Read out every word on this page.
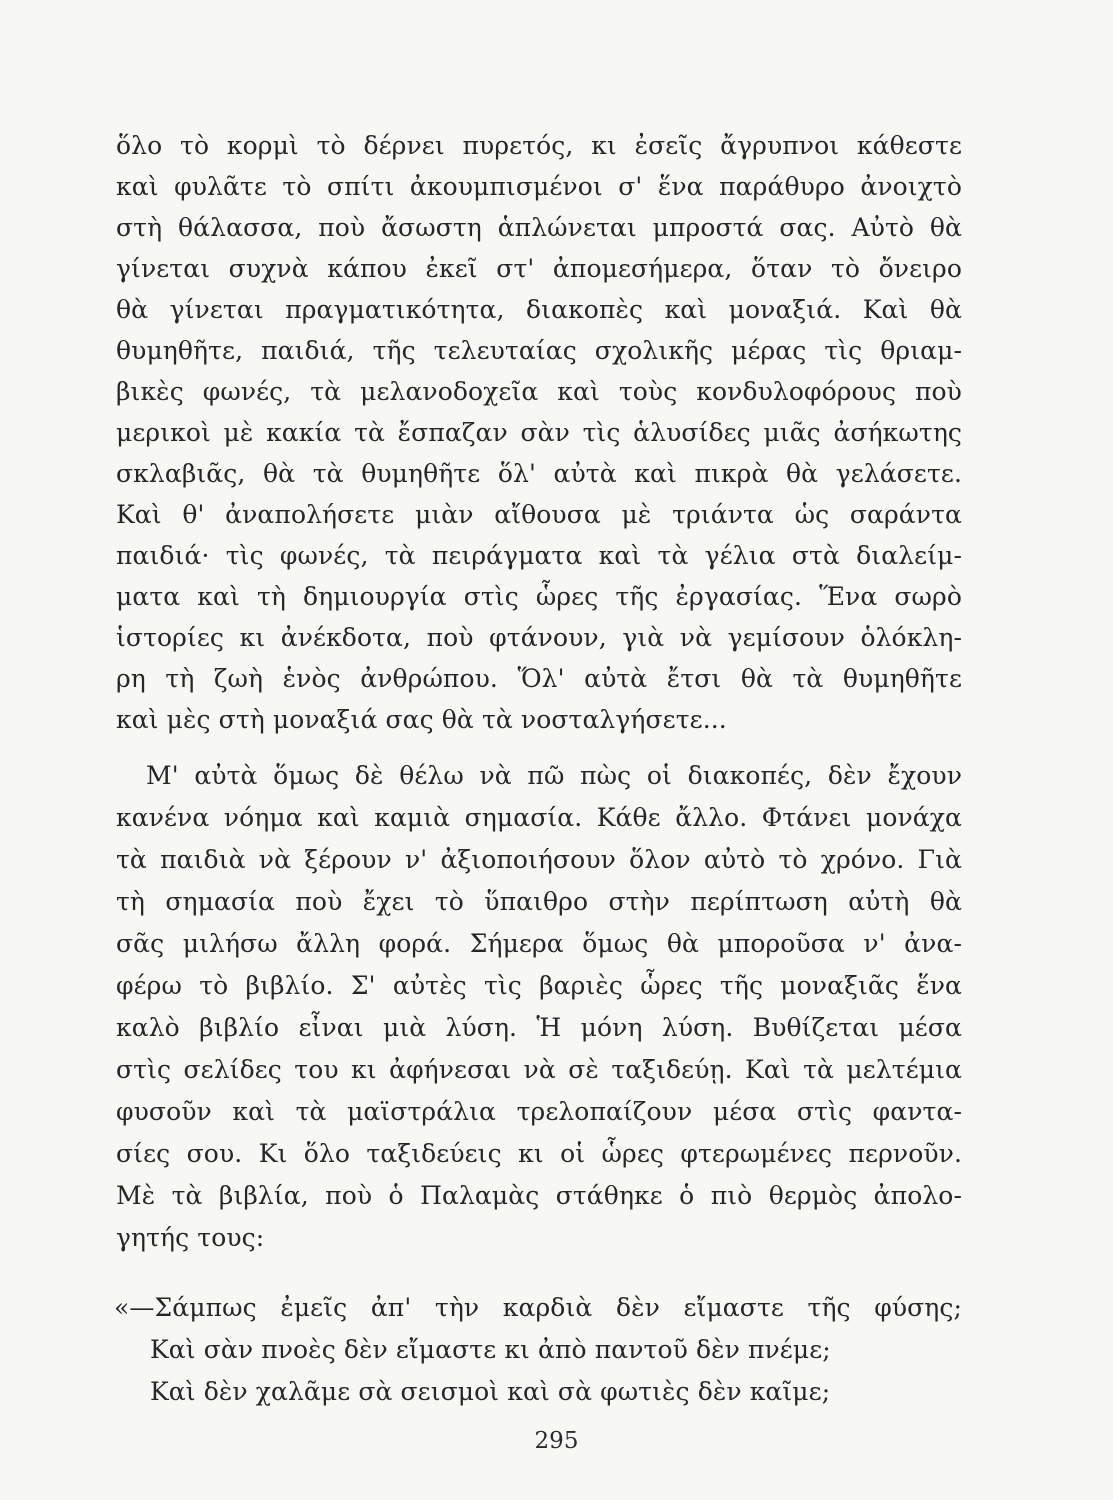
ὅλο τὸ κορμὶ τὸ δέρνει πυρετός, κι ἐσεῖς ἄγρυπνοι κάθεστε
καὶ φυλᾶτε τὸ σπίτι ἀκουμπισμένοι σ' ἕνα παράθυρο ἀνοιχτὸ
στὴ θάλασσα, ποὺ ἄσωστη ἁπλώνεται μπροστά σας. Αὐτὸ θὰ
γίνεται συχνὰ κάπου ἐκεῖ στ' ἀπομεσήμερα, ὅταν τὸ ὄνειρο
θὰ γίνεται πραγματικότητα, διακοπὲς καὶ μοναξιά. Καὶ θὰ
θυμηθῆτε, παιδιά, τῆς τελευταίας σχολικῆς μέρας τὶς θριαμ-
βικὲς φωνές, τὰ μελανοδοχεῖα καὶ τοὺς κονδυλοφόρους ποὺ
μερικοὶ μὲ κακία τὰ ἔσπαζαν σὰν τὶς ἁλυσίδες μιᾶς ἀσήκωτης
σκλαβιᾶς, θὰ τὰ θυμηθῆτε ὅλ' αὐτὰ καὶ πικρὰ θὰ γελάσετε.
Καὶ θ' ἀναπολήσετε μιὰν αἴθουσα μὲ τριάντα ὡς σαράντα
παιδιά· τὶς φωνές, τὰ πειράγματα καὶ τὰ γέλια στὰ διαλείμ-
ματα καὶ τὴ δημιουργία στὶς ὧρες τῆς ἐργασίας. Ἕνα σωρὸ
ἱστορίες κι ἀνέκδοτα, ποὺ φτάνουν, γιὰ νὰ γεμίσουν ὁλόκλη-
ρη τὴ ζωὴ ἑνὸς ἀνθρώπου. Ὅλ' αὐτὰ ἔτσι θὰ τὰ θυμηθῆτε
καὶ μὲς στὴ μοναξιά σας θὰ τὰ νοσταλγήσετε...
Μ' αὐτὰ ὅμως δὲ θέλω νὰ πῶ πὼς οἱ διακοπές, δὲν ἔχουν
κανένα νόημα καὶ καμιὰ σημασία. Κάθε ἄλλο. Φτάνει μονάχα
τὰ παιδιὰ νὰ ξέρουν ν' ἀξιοποιήσουν ὅλον αὐτὸ τὸ χρόνο. Γιὰ
τὴ σημασία ποὺ ἔχει τὸ ὕπαιθρο στὴν περίπτωση αὐτὴ θὰ
σᾶς μιλήσω ἄλλη φορά. Σήμερα ὅμως θὰ μποροῦσα ν' ἀνα-
φέρω τὸ βιβλίο. Σ' αὐτὲς τὶς βαριὲς ὧρες τῆς μοναξιᾶς ἕνα
καλὸ βιβλίο εἶναι μιὰ λύση. Ἡ μόνη λύση. Βυθίζεται μέσα
στὶς σελίδες του κι ἀφήνεσαι νὰ σὲ ταξιδεύῃ. Καὶ τὰ μελτέμια
φυσοῦν καὶ τὰ μαϊστράλια τρελοπαίζουν μέσα στὶς φαντα-
σίες σου. Κι ὅλο ταξιδεύεις κι οἱ ὧρες φτερωμένες περνοῦν.
Μὲ τὰ βιβλία, ποὺ ὁ Παλαμὰς στάθηκε ὁ πιὸ θερμὸς ἀπολο-
γητής τους:
«—Σάμπως ἐμεῖς ἀπ' τὴν καρδιὰ δὲν εἴμαστε τῆς φύσης;
Καὶ σὰν πνοὲς δὲν εἴμαστε κι ἀπὸ παντοῦ δὲν πνέμε;
Καὶ δὲν χαλᾶμε σὰ σεισμοὶ καὶ σὰ φωτιὲς δὲν καῖμε;
295
